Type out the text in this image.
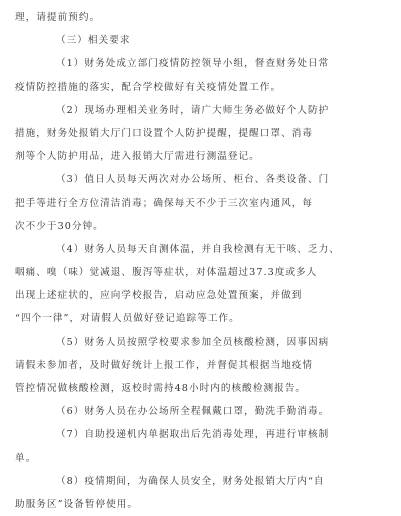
理，请提前预约。
（三）相关要求
（1）财务处成立部门疫情防控领导小组，督查财务处日常
疫情防控措施的落实，配合学校做好有关疫情处置工作。
（2）现场办理相关业务时，请广大师生务必做好个人防护
措施，财务处报销大厅门口设置个人防护提醒，提醒口罩、消毒
剂等个人防护用品，进入报销大厅需进行测温登记。
（3）值日人员每天两次对办公场所、柜台、各类设备、门
把手等进行全方位清洁消毒；确保每天不少于三次室内通风，每
次不少于30分钟。
（4）财务人员每天自测体温，并自我检测有无干咳、乏力、
咽痛、嗅（味）觉减退、腹泻等症状，对体温超过37.3度或多人
出现上述症状的，应向学校报告，启动应急处置预案，并做到
“四个一律”，对请假人员做好登记追踪等工作。
（5）财务人员按照学校要求参加全员核酸检测，因事因病
请假未参加者，及时做好统计上报工作，并督促其根据当地疫情
管控情况做核酸检测，返校时需持48小时内的核酸检测报告。
（6）财务人员在办公场所全程佩戴口罩，勤洗手勤消毒。
（7）自助投递机内单据取出后先消毒处理，再进行审核制
单。
（8）疫情期间，为确保人员安全，财务处报销大厅内“自
助服务区”设备暂停使用。
